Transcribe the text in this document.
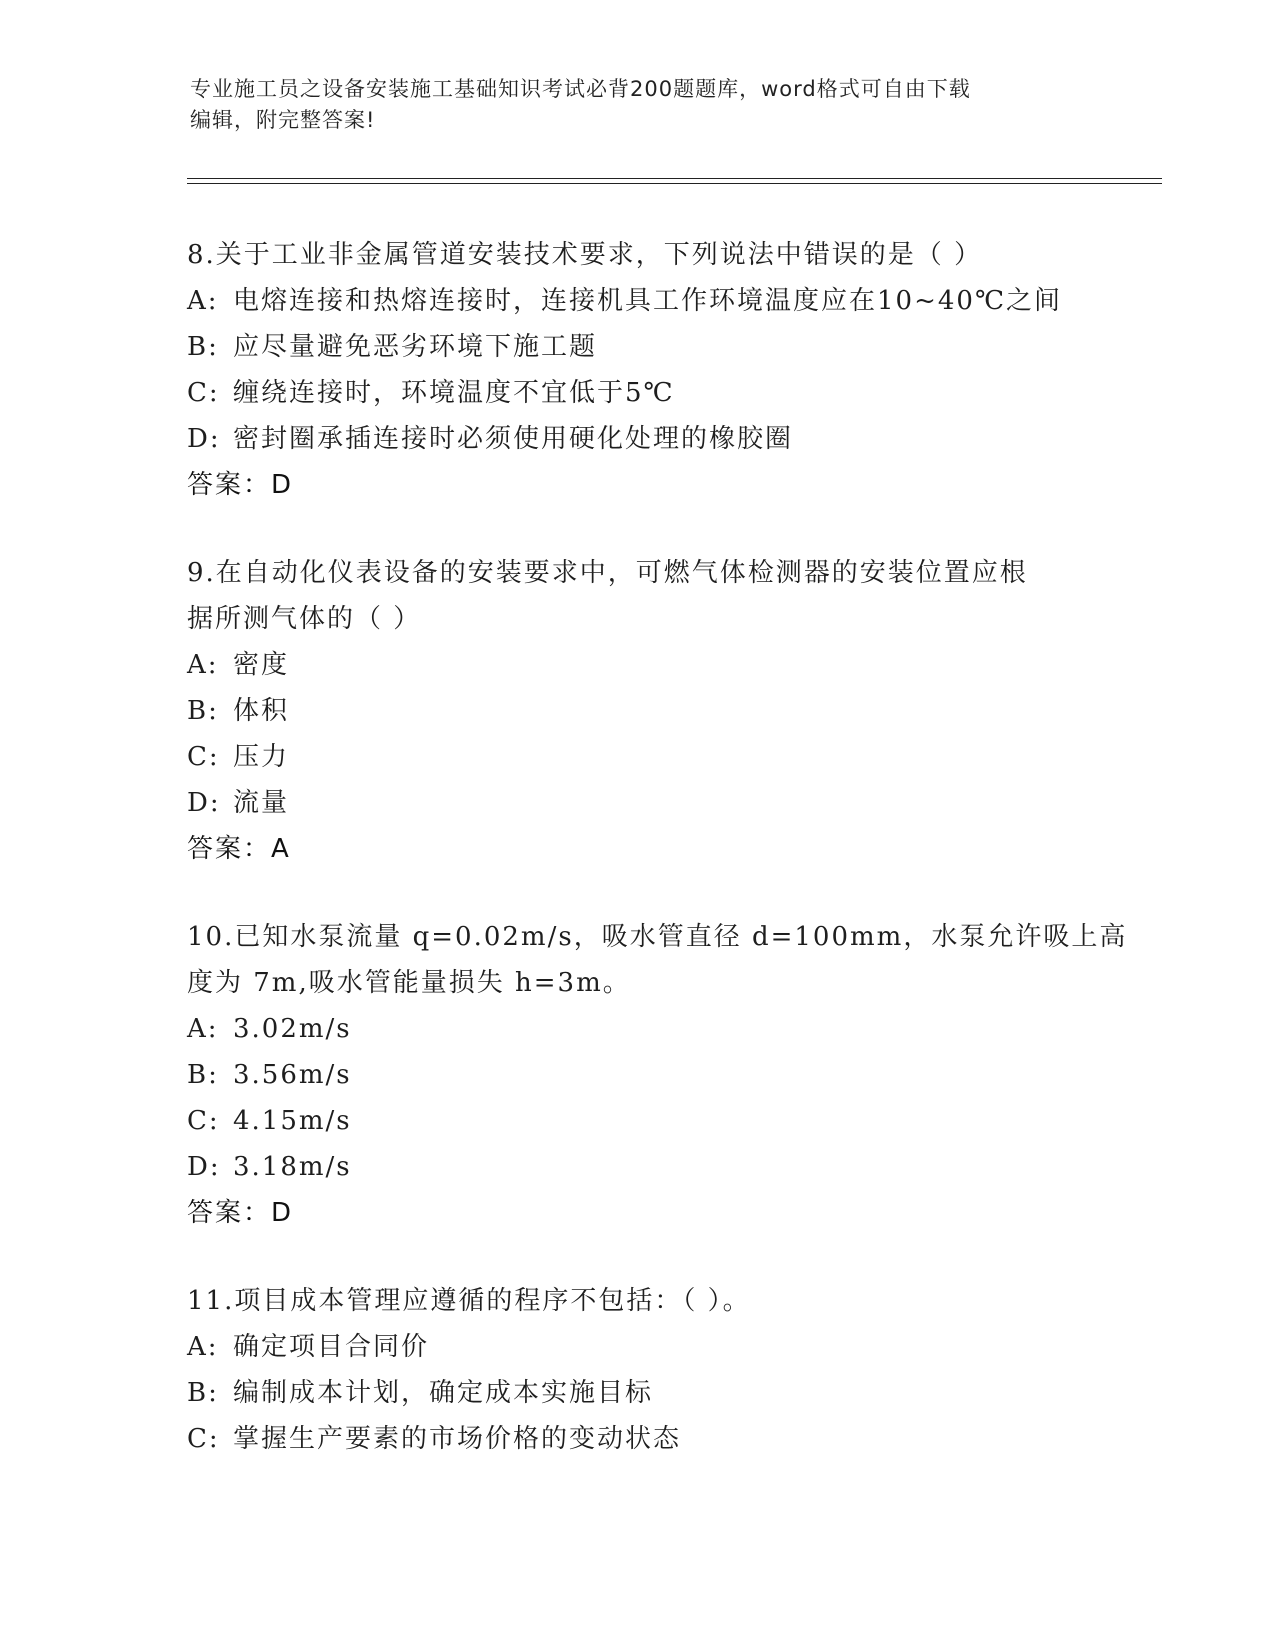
专业施工员之设备安装施工基础知识考试必背200题题库，word格式可自由下载
编辑，附完整答案!
8.关于工业非金属管道安装技术要求，下列说法中错误的是（ ）
A: 电熔连接和热熔连接时，连接机具工作环境温度应在10~40℃之间
B: 应尽量避免恶劣环境下施工题
C: 缠绕连接时，环境温度不宜低于5℃
D: 密封圈承插连接时必须使用硬化处理的橡胶圈
答案：D
9.在自动化仪表设备的安装要求中，可燃气体检测器的安装位置应根
据所测气体的（ ）
A: 密度
B: 体积
C: 压力
D: 流量
答案：A
10.已知水泵流量 q=0.02m/s，吸水管直径 d=100mm，水泵允许吸上高
度为 7m,吸水管能量损失 h=3m。
A: 3.02m/s
B: 3.56m/s
C: 4.15m/s
D: 3.18m/s
答案：D
11.项目成本管理应遵循的程序不包括：（ ）。
A: 确定项目合同价
B: 编制成本计划，确定成本实施目标
C: 掌握生产要素的市场价格的变动状态
